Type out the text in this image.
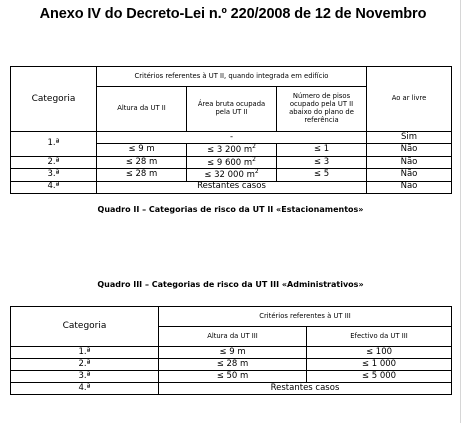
Anexo IV do Decreto-Lei n.º 220/2008 de 12 de Novembro
Categoria	Critérios referentes à UT II, quando integrada em edifício			Ao ar livre
	Altura da UT II	Área bruta ocupada pela UT II	Número de pisos ocupado pela UT II abaixo do plano de referência	
1.ª	-			Sim
	≤ 9 m	≤ 3 200 $m^2$	≤ 1	Não
2.ª	≤ 28 m	≤ 9 600 $m^2$	≤ 3	Não
3.ª	≤ 28 m	≤ 32 000 $m^2$	≤ 5	Não
4.ª	Restantes casos			Não

Quadro II – Categorias de risco da UT II «Estacionamentos»

Quadro III – Categorias de risco da UT III «Administrativos»

Categoria	Critérios referentes à UT III	
	Altura da UT III	Efectivo da UT III
1.ª	≤ 9 m	≤ 100
2.ª	≤ 28 m	≤ 1 000
3.ª	≤ 50 m	≤ 5 000
4.ª	Restantes casos	
